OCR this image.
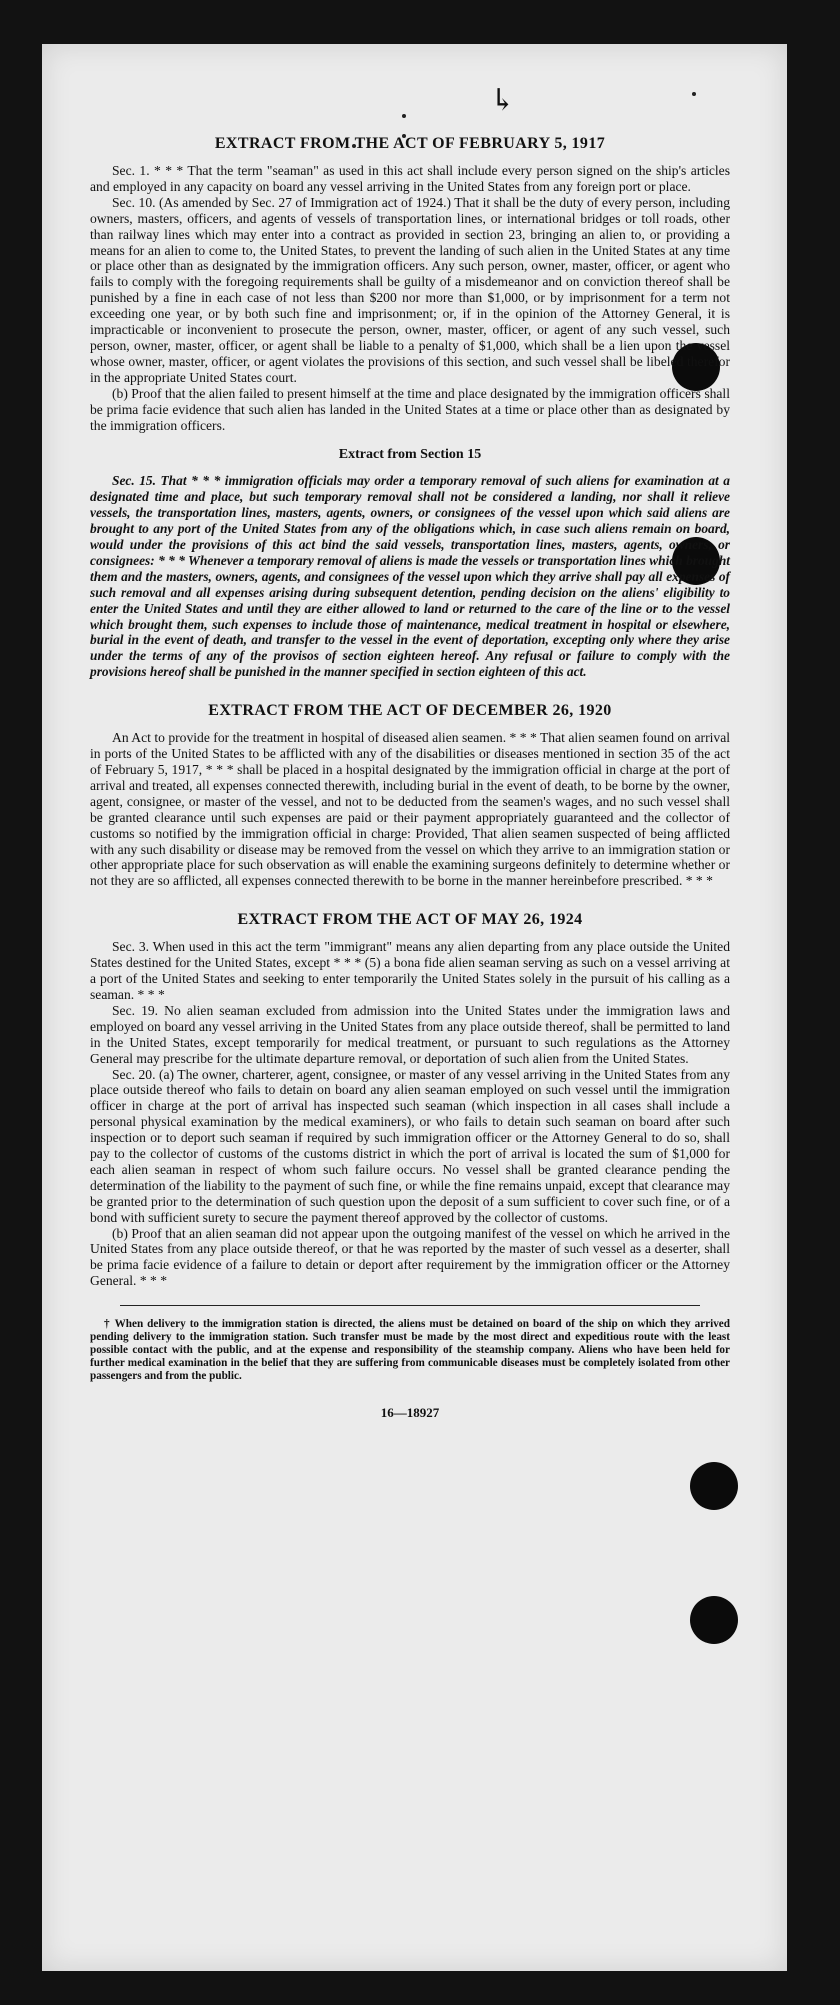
↳
EXTRACT FROM THE ACT OF FEBRUARY 5, 1917

Sec. 1. * * * That the term "seaman" as used in this act shall include every person signed on the ship's articles and employed in any capacity on board any vessel arriving in the United States from any foreign port or place.

Sec. 10. (As amended by Sec. 27 of Immigration act of 1924.) That it shall be the duty of every person, including owners, masters, officers, and agents of vessels of transportation lines, or international bridges or toll roads, other than railway lines which may enter into a contract as provided in section 23, bringing an alien to, or providing a means for an alien to come to, the United States, to prevent the landing of such alien in the United States at any time or place other than as designated by the immigration officers. Any such person, owner, master, officer, or agent who fails to comply with the foregoing requirements shall be guilty of a misdemeanor and on conviction thereof shall be punished by a fine in each case of not less than $200 nor more than $1,000, or by imprisonment for a term not exceeding one year, or by both such fine and imprisonment; or, if in the opinion of the Attorney General, it is impracticable or inconvenient to prosecute the person, owner, master, officer, or agent of any such vessel, such person, owner, master, officer, or agent shall be liable to a penalty of $1,000, which shall be a lien upon the vessel whose owner, master, officer, or agent violates the provisions of this section, and such vessel shall be libeled therefor in the appropriate United States court.

(b) Proof that the alien failed to present himself at the time and place designated by the immigration officers shall be prima facie evidence that such alien has landed in the United States at a time or place other than as designated by the immigration officers.

Extract from Section 15

Sec. 15. That * * * immigration officials may order a temporary removal of such aliens for examination at a designated time and place, but such temporary removal shall not be considered a landing, nor shall it relieve vessels, the transportation lines, masters, agents, owners, or consignees of the vessel upon which said aliens are brought to any port of the United States from any of the obligations which, in case such aliens remain on board, would under the provisions of this act bind the said vessels, transportation lines, masters, agents, owners, or consignees: * * * Whenever a temporary removal of aliens is made the vessels or transportation lines which brought them and the masters, owners, agents, and consignees of the vessel upon which they arrive shall pay all expenses of such removal and all expenses arising during subsequent detention, pending decision on the aliens' eligibility to enter the United States and until they are either allowed to land or returned to the care of the line or to the vessel which brought them, such expenses to include those of maintenance, medical treatment in hospital or elsewhere, burial in the event of death, and transfer to the vessel in the event of deportation, excepting only where they arise under the terms of any of the provisos of section eighteen hereof. Any refusal or failure to comply with the provisions hereof shall be punished in the manner specified in section eighteen of this act.

EXTRACT FROM THE ACT OF DECEMBER 26, 1920

An Act to provide for the treatment in hospital of diseased alien seamen. * * * That alien seamen found on arrival in ports of the United States to be afflicted with any of the disabilities or diseases mentioned in section 35 of the act of February 5, 1917, * * * shall be placed in a hospital designated by the immigration official in charge at the port of arrival and treated, all expenses connected therewith, including burial in the event of death, to be borne by the owner, agent, consignee, or master of the vessel, and not to be deducted from the seamen's wages, and no such vessel shall be granted clearance until such expenses are paid or their payment appropriately guaranteed and the collector of customs so notified by the immigration official in charge: Provided, That alien seamen suspected of being afflicted with any such disability or disease may be removed from the vessel on which they arrive to an immigration station or other appropriate place for such observation as will enable the examining surgeons definitely to determine whether or not they are so afflicted, all expenses connected therewith to be borne in the manner hereinbefore prescribed. * * *

EXTRACT FROM THE ACT OF MAY 26, 1924

Sec. 3. When used in this act the term "immigrant" means any alien departing from any place outside the United States destined for the United States, except * * * (5) a bona fide alien seaman serving as such on a vessel arriving at a port of the United States and seeking to enter temporarily the United States solely in the pursuit of his calling as a seaman. * * *

Sec. 19. No alien seaman excluded from admission into the United States under the immigration laws and employed on board any vessel arriving in the United States from any place outside thereof, shall be permitted to land in the United States, except temporarily for medical treatment, or pursuant to such regulations as the Attorney General may prescribe for the ultimate departure removal, or deportation of such alien from the United States.

Sec. 20. (a) The owner, charterer, agent, consignee, or master of any vessel arriving in the United States from any place outside thereof who fails to detain on board any alien seaman employed on such vessel until the immigration officer in charge at the port of arrival has inspected such seaman (which inspection in all cases shall include a personal physical examination by the medical examiners), or who fails to detain such seaman on board after such inspection or to deport such seaman if required by such immigration officer or the Attorney General to do so, shall pay to the collector of customs of the customs district in which the port of arrival is located the sum of $1,000 for each alien seaman in respect of whom such failure occurs. No vessel shall be granted clearance pending the determination of the liability to the payment of such fine, or while the fine remains unpaid, except that clearance may be granted prior to the determination of such question upon the deposit of a sum sufficient to cover such fine, or of a bond with sufficient surety to secure the payment thereof approved by the collector of customs.

(b) Proof that an alien seaman did not appear upon the outgoing manifest of the vessel on which he arrived in the United States from any place outside thereof, or that he was reported by the master of such vessel as a deserter, shall be prima facie evidence of a failure to detain or deport after requirement by the immigration officer or the Attorney General. * * *

† When delivery to the immigration station is directed, the aliens must be detained on board of the ship on which they arrived pending delivery to the immigration station. Such transfer must be made by the most direct and expeditious route with the least possible contact with the public, and at the expense and responsibility of the steamship company. Aliens who have been held for further medical examination in the belief that they are suffering from communicable diseases must be completely isolated from other passengers and from the public.

16—18927
